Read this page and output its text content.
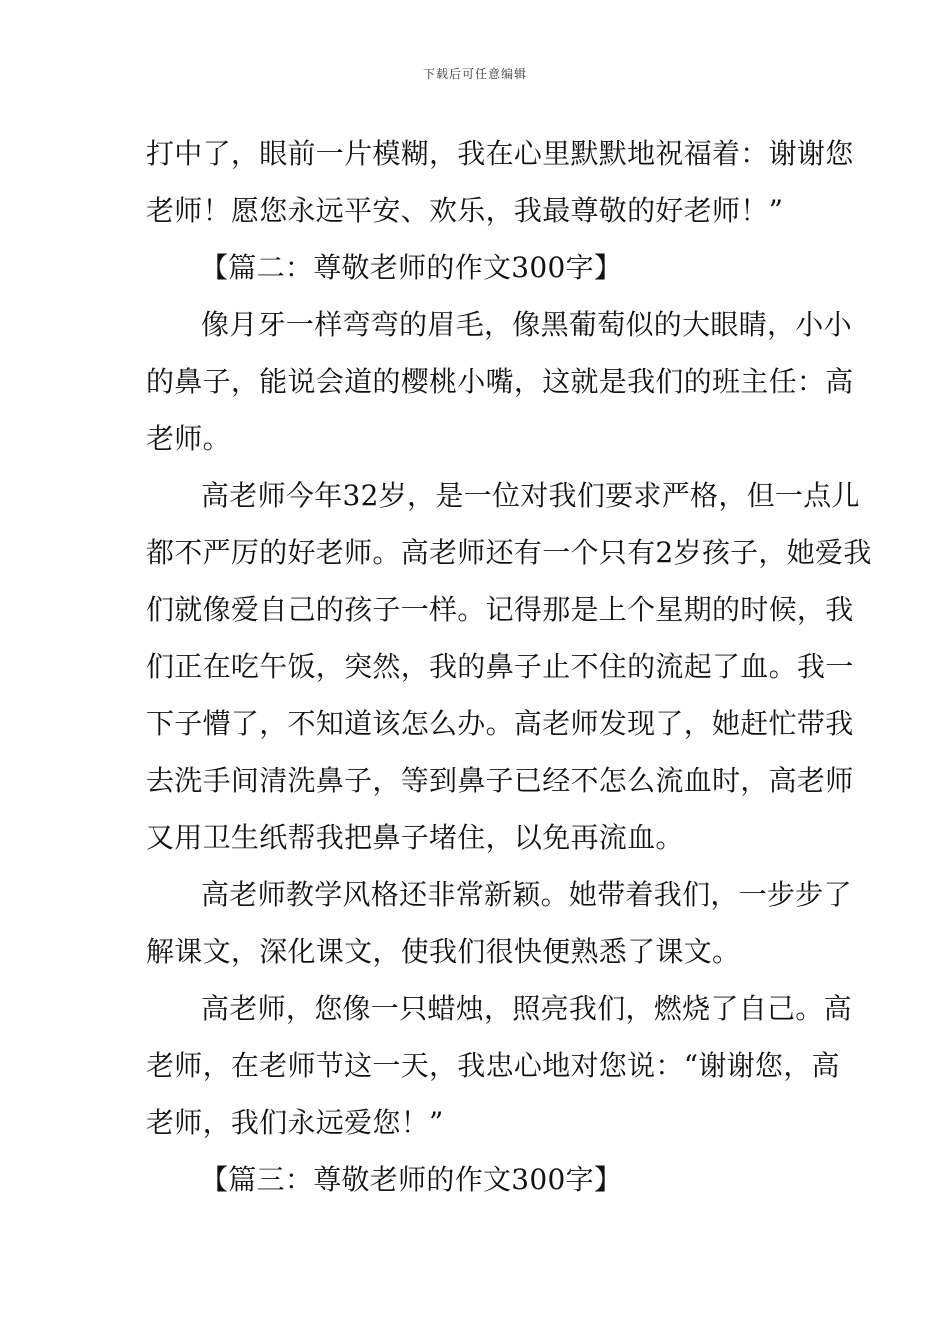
下载后可任意编辑
打中了，眼前一片模糊，我在心里默默地祝福着：谢谢您
老师！愿您永远平安、欢乐，我最尊敬的好老师！”
【篇二：尊敬老师的作文300字】
像月牙一样弯弯的眉毛，像黑葡萄似的大眼睛，小小
的鼻子，能说会道的樱桃小嘴，这就是我们的班主任：高
老师。
高老师今年32岁，是一位对我们要求严格，但一点儿
都不严厉的好老师。高老师还有一个只有2岁孩子，她爱我
们就像爱自己的孩子一样。记得那是上个星期的时候，我
们正在吃午饭，突然，我的鼻子止不住的流起了血。我一
下子懵了，不知道该怎么办。高老师发现了，她赶忙带我
去洗手间清洗鼻子，等到鼻子已经不怎么流血时，高老师
又用卫生纸帮我把鼻子堵住，以免再流血。
高老师教学风格还非常新颖。她带着我们，一步步了
解课文，深化课文，使我们很快便熟悉了课文。
高老师，您像一只蜡烛，照亮我们，燃烧了自己。高
老师，在老师节这一天，我忠心地对您说：“谢谢您，高
老师，我们永远爱您！”
【篇三：尊敬老师的作文300字】
